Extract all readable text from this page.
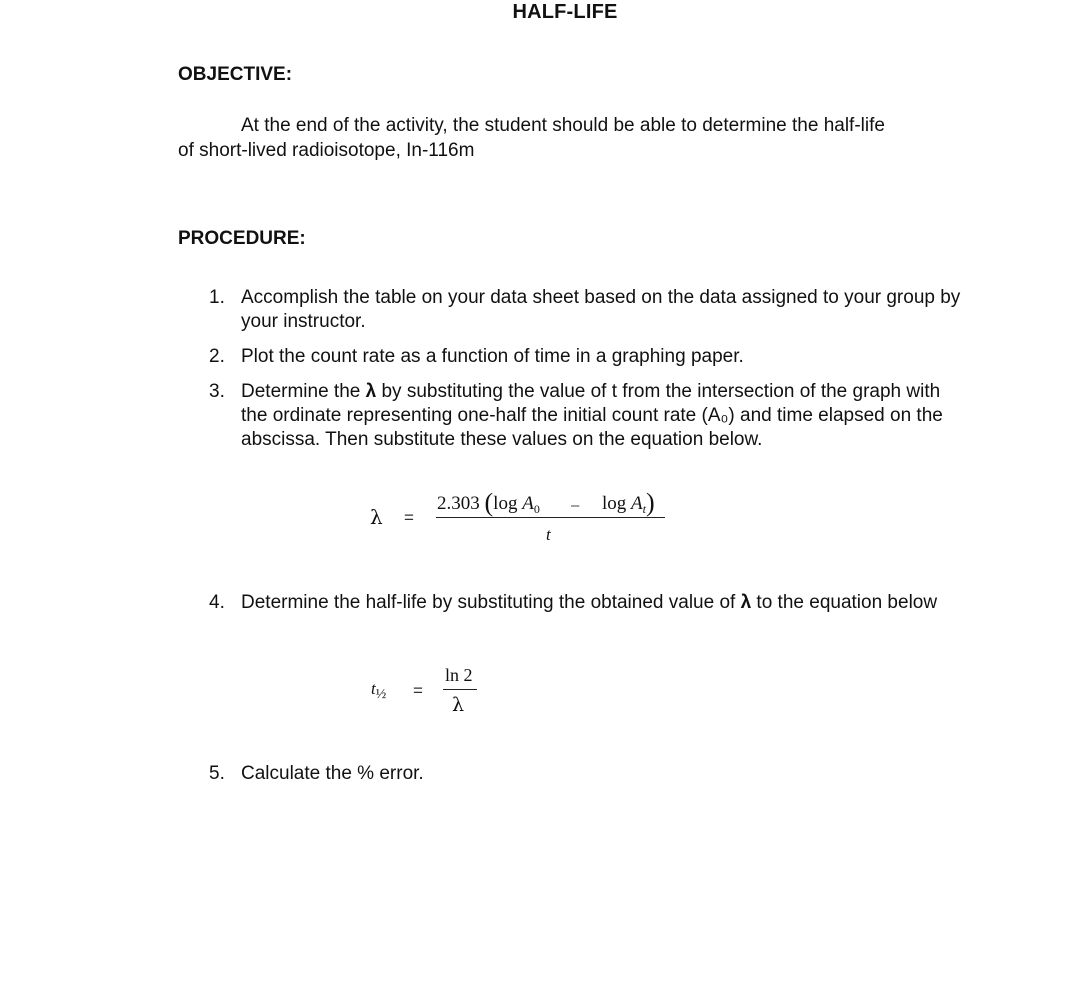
HALF-LIFE
OBJECTIVE:
At the end of the activity, the student should be able to determine the half-life
of short-lived radioisotope, In-116m
PROCEDURE:
1. Accomplish the table on your data sheet based on the data assigned to your group by your instructor.
2. Plot the count rate as a function of time in a graphing paper.
3. Determine the λ by substituting the value of t from the intersection of the graph with the ordinate representing one-half the initial count rate (A₀) and time elapsed on the abscissa. Then substitute these values on the equation below.
λ =
2.303 (log $A_0$ – $\log A_t$)
t
4. Determine the half-life by substituting the obtained value of λ to the equation below
$t_{\frac{1}{2}}$ =
ln 2
λ
5. Calculate the % error.
